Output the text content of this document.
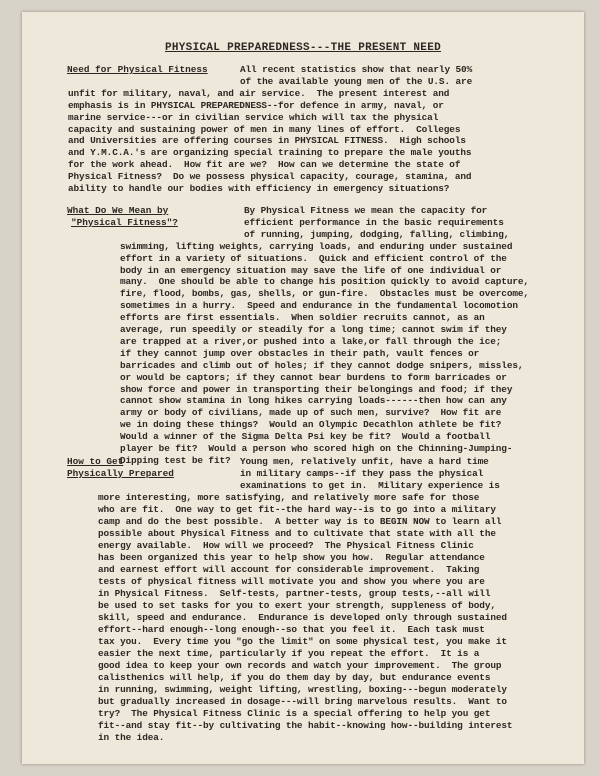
PHYSICAL PREPAREDNESS---THE PRESENT NEED
Need for Physical Fitness	All recent statistics show that nearly 50%
of the available young men of the U.S. are
unfit for military, naval, and air service.  The present interest and
emphasis is in PHYSICAL PREPAREDNESS--for defence in army, naval, or
marine service---or in civilian service which will tax the physical
capacity and sustaining power of men in many lines of effort.  Colleges
and Universities are offering courses in PHYSICAL FITNESS.  High schools
and Y.M.C.A.'s are organizing special training to prepare the male youths
for the work ahead.  How fit are we?  How can we determine the state of
Physical Fitness?  Do we possess physical capacity, courage, stamina, and
ability to handle our bodies with efficiency in emergency situations?
What Do We Mean by
"Physical Fitness"?
By Physical Fitness we mean the capacity for
efficient performance in the basic requirements
of running, jumping, dodging, falling, climbing,
swimming, lifting weights, carrying loads, and enduring under sustained
effort in a variety of situations.  Quick and efficient control of the
body in an emergency situation may save the life of one individual or
many.  One should be able to change his position quickly to avoid capture,
fire, flood, bombs, gas, shells, or gun-fire.  Obstacles must be overcome,
sometimes in a hurry.  Speed and endurance in the fundamental locomotion
efforts are first essentials.  When soldier recruits cannot, as an
average, run speedily or steadily for a long time; cannot swim if they
are trapped at a river,or pushed into a lake,or fall through the ice;
if they cannot jump over obstacles in their path, vault fences or
barricades and climb out of holes; if they cannot dodge snipers, missles,
or would be captors; if they cannot bear burdens to form barricades or
show force and power in transporting their belongings and food; if they
cannot show stamina in long hikes carrying loads------then how can any
army or body of civilians, made up of such men, survive?  How fit are
we in doing these things?  Would an Olympic Decathlon athlete be fit?
Would a winner of the Sigma Delta Psi key be fit?  Would a football
player be fit?  Would a person who scored high on the Chinning-Jumping-
Dipping test be fit?
How to Get
Physically Prepared
Young men, relatively unfit, have a hard time
in military camps--if they pass the physical
examinations to get in.  Military experience is
more interesting, more satisfying, and relatively more safe for those
who are fit.  One way to get fit--the hard way--is to go into a military
camp and do the best possible.  A better way is to BEGIN NOW to learn all
possible about Physical Fitness and to cultivate that state with all the
energy available.  How will we proceed?  The Physical Fitness Clinic
has been organized this year to help show you how.  Regular attendance
and earnest effort will account for considerable improvement.  Taking
tests of physical fitness will motivate you and show you where you are
in Physical Fitness.  Self-tests, partner-tests, group tests,--all will
be used to set tasks for you to exert your strength, suppleness of body,
skill, speed and endurance.  Endurance is developed only through sustained
effort--hard enough--long enough--so that you feel it.  Each task must
tax you.  Every time you "go the limit" on some physical test, you make it
easier the next time, particularly if you repeat the effort.  It is a
good idea to keep your own records and watch your improvement.  The group
calisthenics will help, if you do them day by day, but endurance events
in running, swimming, weight lifting, wrestling, boxing---begun moderately
but gradually increased in dosage---will bring marvelous results.  Want to
try?  The Physical Fitness Clinic is a special offering to help you get
fit--and stay fit--by cultivating the habit--knowing how--building interest
in the idea.
